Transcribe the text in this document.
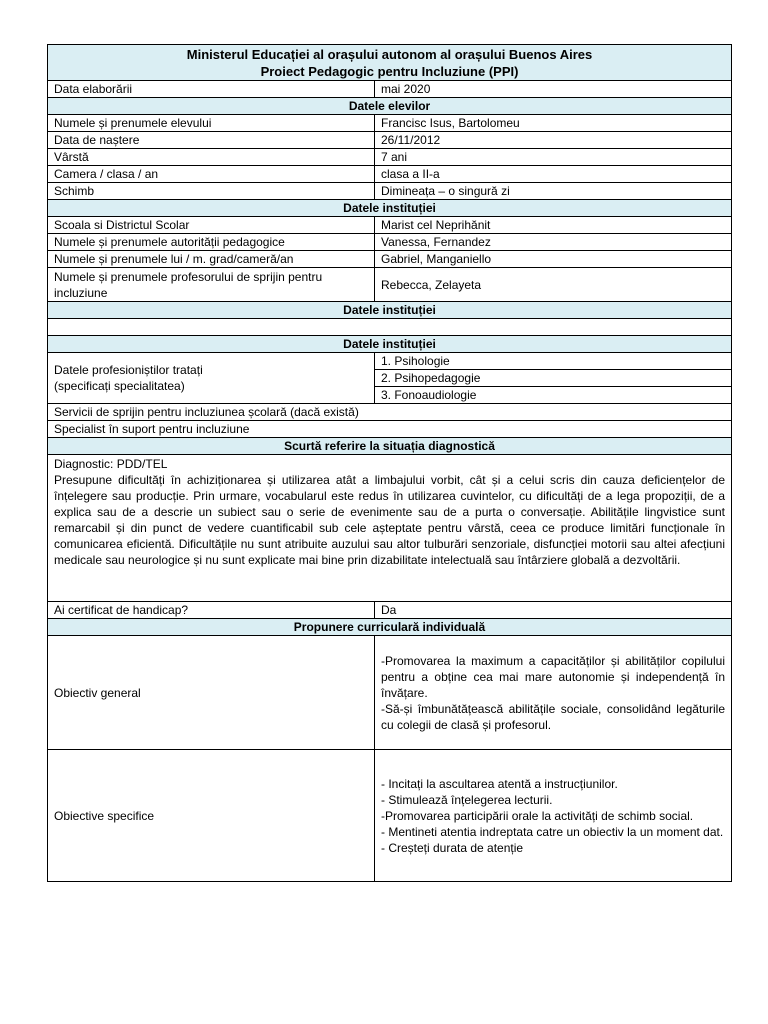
Ministerul Educației al orașului autonom al orașului Buenos Aires
Proiect Pedagogic pentru Incluziune (PPI)	

Data elaborării	mai 2020
Datele elevilor	
Numele și prenumele elevului	Francisc Isus, Bartolomeu
Data de naștere	26/11/2012
Vârstă	7 ani
Camera / clasa / an	clasa a II-a
Schimb	Dimineața – o singură zi
Datele instituției	
Scoala si Districtul Scolar	Marist cel Neprihănit
Numele și prenumele autorității pedagogice	Vanessa, Fernandez
Numele și prenumele lui / m. grad/cameră/an	Gabriel, Manganiello
Numele și prenumele profesorului de sprijin pentru incluziune	Rebecca, Zelayeta
Datele instituției	

Datele instituției	

Datele profesioniștilor tratați
(specificați specialitatea)	1. Psihologie
	2. Psihopedagogie
	3. Fonoaudiologie
Servicii de sprijin pentru incluziunea școlară (dacă există)	
Specialist în suport pentru incluziune	
Scurtă referire la situația diagnostică	

Diagnostic: PDD/TEL
Presupune dificultăți în achiziționarea și utilizarea atât a limbajului vorbit, cât și a celui scris din cauza deficiențelor de înțelegere sau producție. Prin urmare, vocabularul este redus în utilizarea cuvintelor, cu dificultăți de a lega propoziții, de a explica sau de a descrie un subiect sau o serie de evenimente sau de a purta o conversație. Abilitățile lingvistice sunt remarcabil și din punct de vedere cuantificabil sub cele așteptate pentru vârstă, ceea ce produce limitări funcționale în comunicarea eficientă. Dificultățile nu sunt atribuite auzului sau altor tulburări senzoriale, disfuncției motorii sau altei afecțiuni medicale sau neurologice și nu sunt explicate mai bine prin dizabilitate intelectuală sau întârziere globală a dezvoltării.	

Ai certificat de handicap?	Da
Propunere curriculară individuală	
Obiectiv general	-Promovarea la maximum a capacităților și abilităților copilului pentru a obține cea mai mare autonomie și independență în învățare.
-Să-și îmbunătățească abilitățile sociale, consolidând legăturile cu colegii de clasă și profesorul.

Obiective specifice	- Incitați la ascultarea atentă a instrucțiunilor.
- Stimulează înțelegerea lecturii.
-Promovarea participării orale la activități de schimb social.
- Mentineti atentia indreptata catre un obiectiv la un moment dat.
- Creșteți durata de atenție
